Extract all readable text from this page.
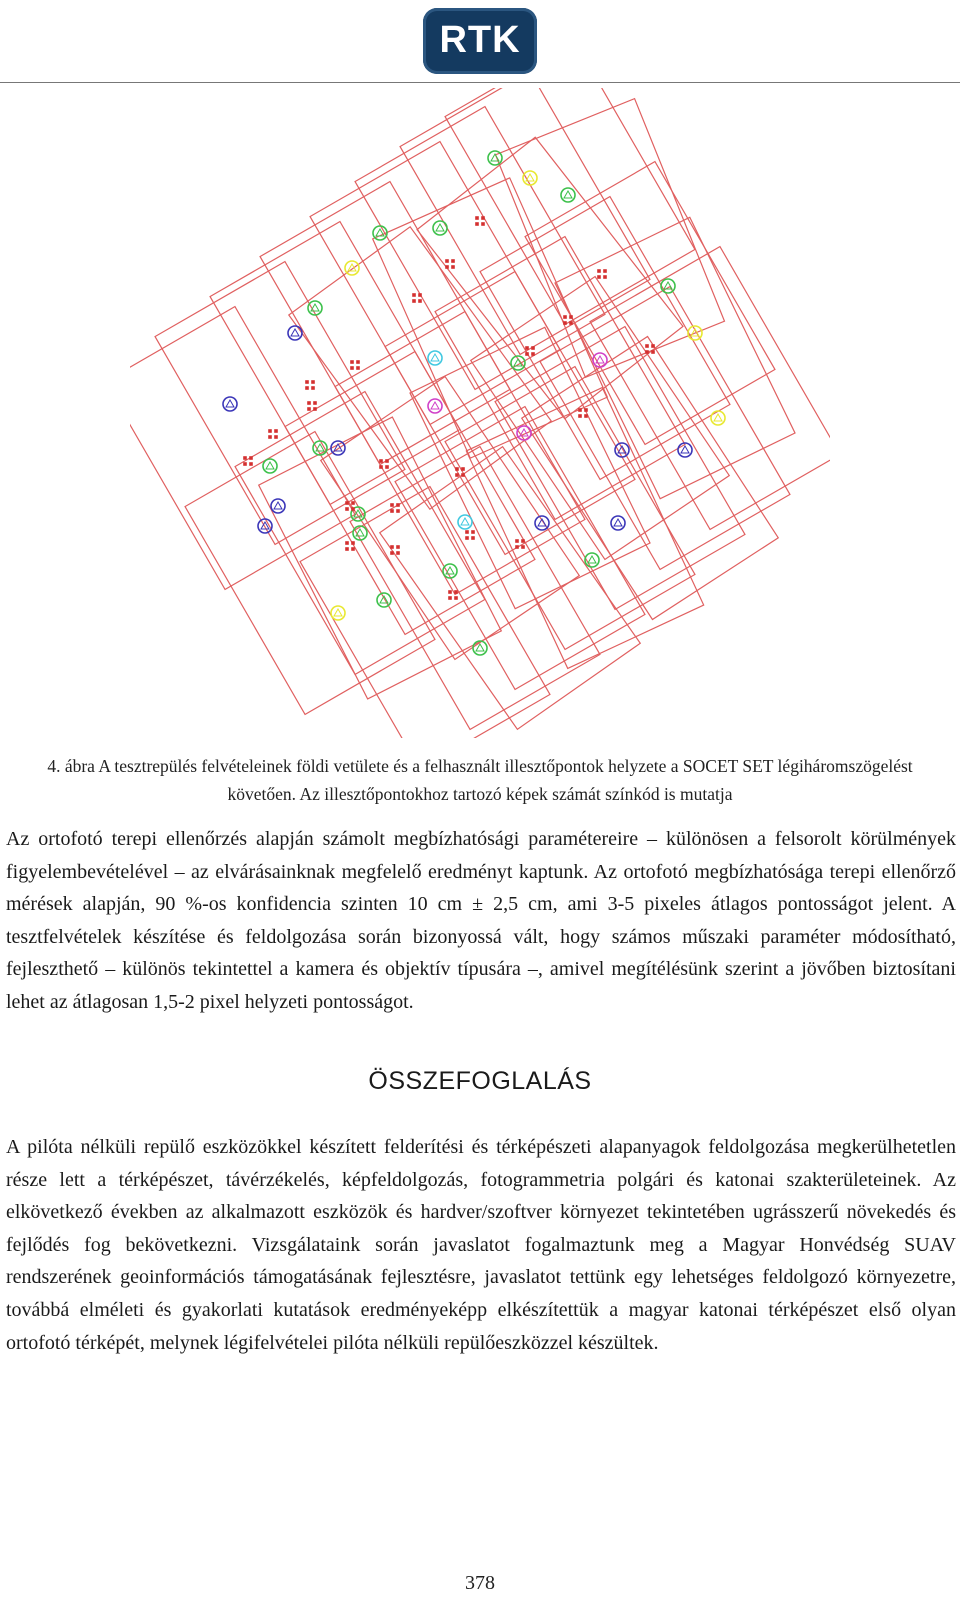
RTK
4. ábra A tesztrepülés felvételeinek földi vetülete és a felhasznált illesztőpontok helyzete a SOCET SET légiháromszögelést követően. Az illesztőpontokhoz tartozó képek számát színkód is mutatja

Az ortofotó terepi ellenőrzés alapján számolt megbízhatósági paramétereire – különösen a felsorolt körülmények figyelembevételével – az elvárásainknak megfelelő eredményt kaptunk. Az ortofotó megbízhatósága terepi ellenőrző mérések alapján, 90 %-os konfidencia szinten 10 cm ± 2,5 cm, ami 3-5 pixeles átlagos pontosságot jelent. A tesztfelvételek készítése és feldolgozása során bizonyossá vált, hogy számos műszaki paraméter módosítható, fejleszthető – különös tekintettel a kamera és objektív típusára –, amivel megítélésünk szerint a jövőben biztosítani lehet az átlagosan 1,5-2 pixel helyzeti pontosságot.

ÖSSZEFOGLALÁS

A pilóta nélküli repülő eszközökkel készített felderítési és térképészeti alapanyagok feldolgozása megkerülhetetlen része lett a térképészet, távérzékelés, képfeldolgozás, fotogrammetria polgári és katonai szakterületeinek. Az elkövetkező években az alkalmazott eszközök és hardver/szoftver környezet tekintetében ugrásszerű növekedés és fejlődés fog bekövetkezni. Vizsgálataink során javaslatot fogalmaztunk meg a Magyar Honvédség SUAV rendszerének geoinformációs támogatásának fejlesztésre, javaslatot tettünk egy lehetséges feldolgozó környezetre, továbbá elméleti és gyakorlati kutatások eredményeképp elkészítettük a magyar katonai térképészet első olyan ortofotó térképét, melynek légifelvételei pilóta nélküli repülőeszközzel készültek.

378
